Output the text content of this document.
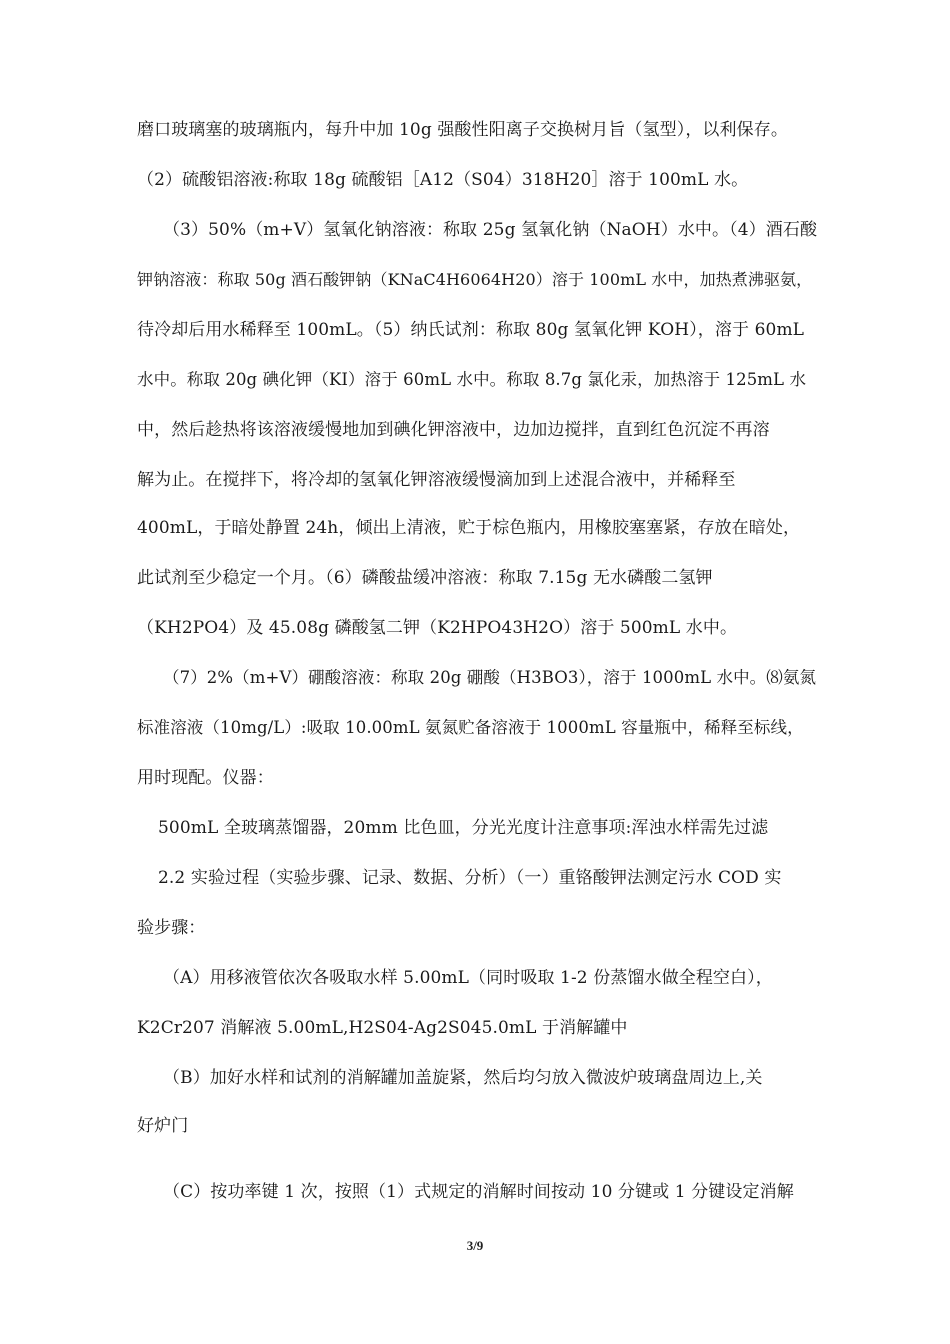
磨口玻璃塞的玻璃瓶内，每升中加 10g 强酸性阳离子交换树月旨（氢型），以利保存。
（2）硫酸铝溶液:称取 18g 硫酸铝［A12（S04）318H20］溶于 100mL 水。
（3）50%（m+V）氢氧化钠溶液：称取 25g 氢氧化钠（NaOH）水中。（4）酒石酸
钾钠溶液：称取 50g 酒石酸钾钠（KNaC4H6064H20）溶于 100mL 水中，加热煮沸驱氨，
待冷却后用水稀释至 100mL。（5）纳氏试剂：称取 80g 氢氧化钾 KOH），溶于 60mL
水中。称取 20g 碘化钾（KI）溶于 60mL 水中。称取 8.7g 氯化汞，加热溶于 125mL 水
中，然后趁热将该溶液缓慢地加到碘化钾溶液中，边加边搅拌，直到红色沉淀不再溶
解为止。在搅拌下，将冷却的氢氧化钾溶液缓慢滴加到上述混合液中，并稀释至
400mL，于暗处静置 24h，倾出上清液，贮于棕色瓶内，用橡胶塞塞紧，存放在暗处，
此试剂至少稳定一个月。（6）磷酸盐缓冲溶液：称取 7.15g 无水磷酸二氢钾
（KH2PO4）及 45.08g 磷酸氢二钾（K2HPO43H2O）溶于 500mL 水中。
（7）2%（m+V）硼酸溶液：称取 20g 硼酸（H3BO3），溶于 1000mL 水中。⑻氨氮
标准溶液（10mg/L）:吸取 10.00mL 氨氮贮备溶液于 1000mL 容量瓶中，稀释至标线，
用时现配。仪器：
500mL 全玻璃蒸馏器，20mm 比色皿，分光光度计注意事项:浑浊水样需先过滤
2.2 实验过程（实验步骤、记录、数据、分析）（一）重铬酸钾法测定污水 COD 实
验步骤：
（A）用移液管依次各吸取水样 5.00mL（同时吸取 1-2 份蒸馏水做全程空白），
K2Cr207 消解液 5.00mL,H2S04-Ag2S045.0mL 于消解罐中
（B）加好水样和试剂的消解罐加盖旋紧，然后均匀放入微波炉玻璃盘周边上,关
好炉门
（C）按功率键 1 次，按照（1）式规定的消解时间按动 10 分键或 1 分键设定消解
3/9
